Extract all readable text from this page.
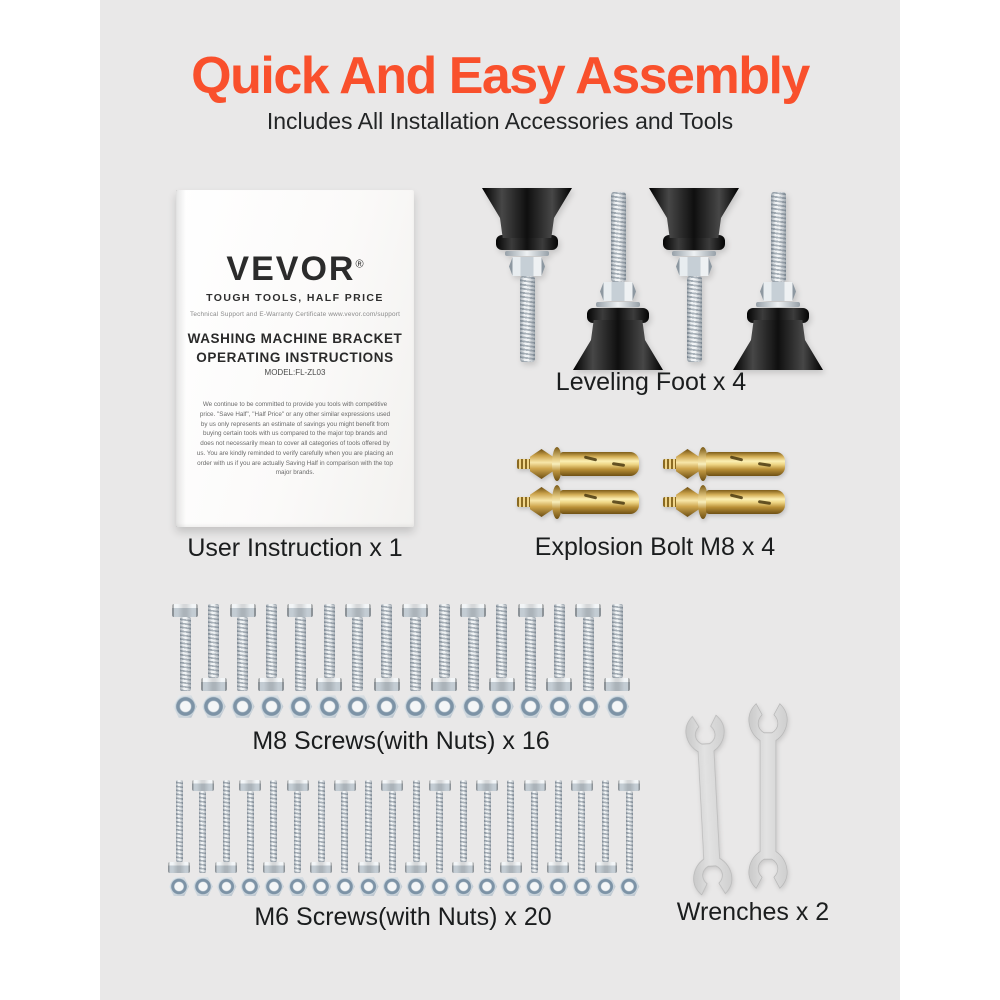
Quick And Easy Assembly
Includes All Installation Accessories and Tools
VEVOR®
TOUGH TOOLS, HALF PRICE
Technical Support and E-Warranty Certificate www.vevor.com/support
WASHING MACHINE BRACKET
OPERATING INSTRUCTIONS
MODEL:FL-ZL03
We continue to be committed to provide you tools with competitive price. "Save Half", "Half Price" or any other similar expressions used by us only represents an estimate of savings you might benefit from buying certain tools with us compared to the major top brands and does not necessarily mean to cover all categories of tools offered by us. You are kindly reminded to verify carefully when you are placing an order with us if you are actually Saving Half in comparison with the top major brands.
User Instruction x 1
Leveling Foot x 4
Explosion Bolt M8 x 4
M8 Screws(with Nuts) x 16
M6 Screws(with Nuts) x 20	Wrenches x 2
